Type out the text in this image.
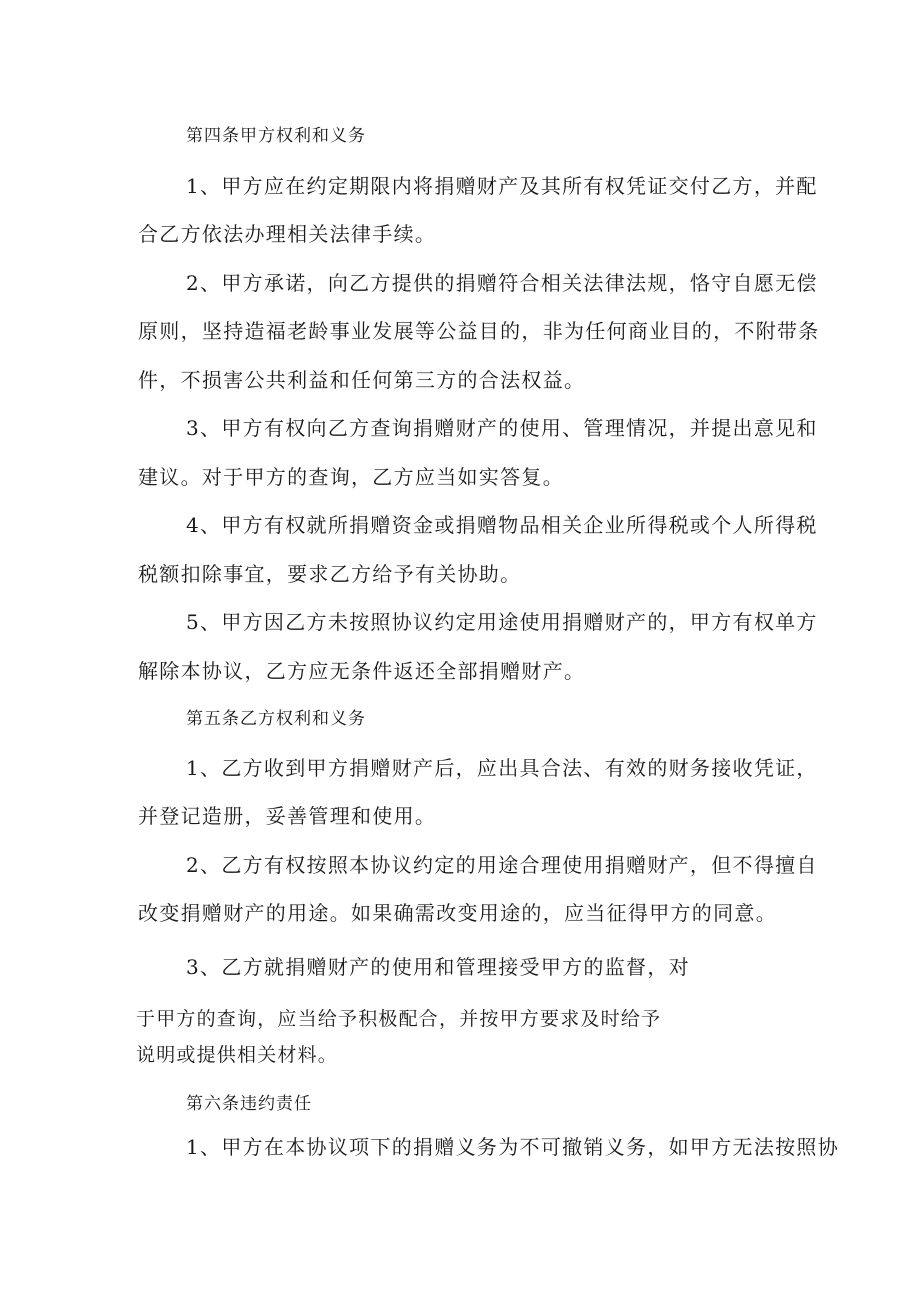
第四条甲方权利和义务

1、甲方应在约定期限内将捐赠财产及其所有权凭证交付乙方，并配

合乙方依法办理相关法律手续。

2、甲方承诺，向乙方提供的捐赠符合相关法律法规，恪守自愿无偿

原则，坚持造福老龄事业发展等公益目的，非为任何商业目的，不附带条

件，不损害公共利益和任何第三方的合法权益。

3、甲方有权向乙方查询捐赠财产的使用、管理情况，并提出意见和

建议。对于甲方的查询，乙方应当如实答复。

4、甲方有权就所捐赠资金或捐赠物品相关企业所得税或个人所得税

税额扣除事宜，要求乙方给予有关协助。

5、甲方因乙方未按照协议约定用途使用捐赠财产的，甲方有权单方

解除本协议，乙方应无条件返还全部捐赠财产。

第五条乙方权利和义务

1、乙方收到甲方捐赠财产后，应出具合法、有效的财务接收凭证，

并登记造册，妥善管理和使用。

2、乙方有权按照本协议约定的用途合理使用捐赠财产，但不得擅自

改变捐赠财产的用途。如果确需改变用途的，应当征得甲方的同意。

3、乙方就捐赠财产的使用和管理接受甲方的监督，对

于甲方的查询，应当给予积极配合，并按甲方要求及时给予

说明或提供相关材料。

第六条违约责任

1、甲方在本协议项下的捐赠义务为不可撤销义务，如甲方无法按照协
